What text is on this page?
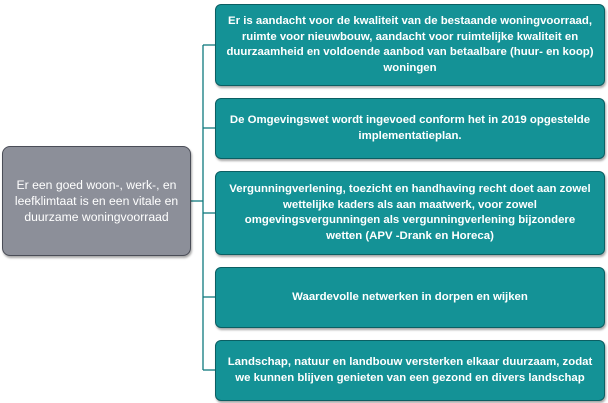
Er een goed woon-, werk-, en leefklimtaat is en een vitale en duurzame woningvoorraad
Er is aandacht voor de kwaliteit van de bestaande woningvoorraad, ruimte voor nieuwbouw, aandacht voor ruimtelijke kwaliteit en duurzaamheid en voldoende aanbod van betaalbare (huur- en koop) woningen
De Omgevingswet wordt ingevoed conform het in 2019 opgestelde implementatieplan.
Vergunningverlening, toezicht en handhaving recht doet aan zowel wettelijke kaders als aan maatwerk, voor zowel omgevingsvergunningen als vergunningverlening bijzondere wetten (APV -Drank en Horeca)
Waardevolle netwerken in dorpen en wijken
Landschap, natuur en landbouw versterken elkaar duurzaam, zodat we kunnen blijven genieten van een gezond en divers landschap
